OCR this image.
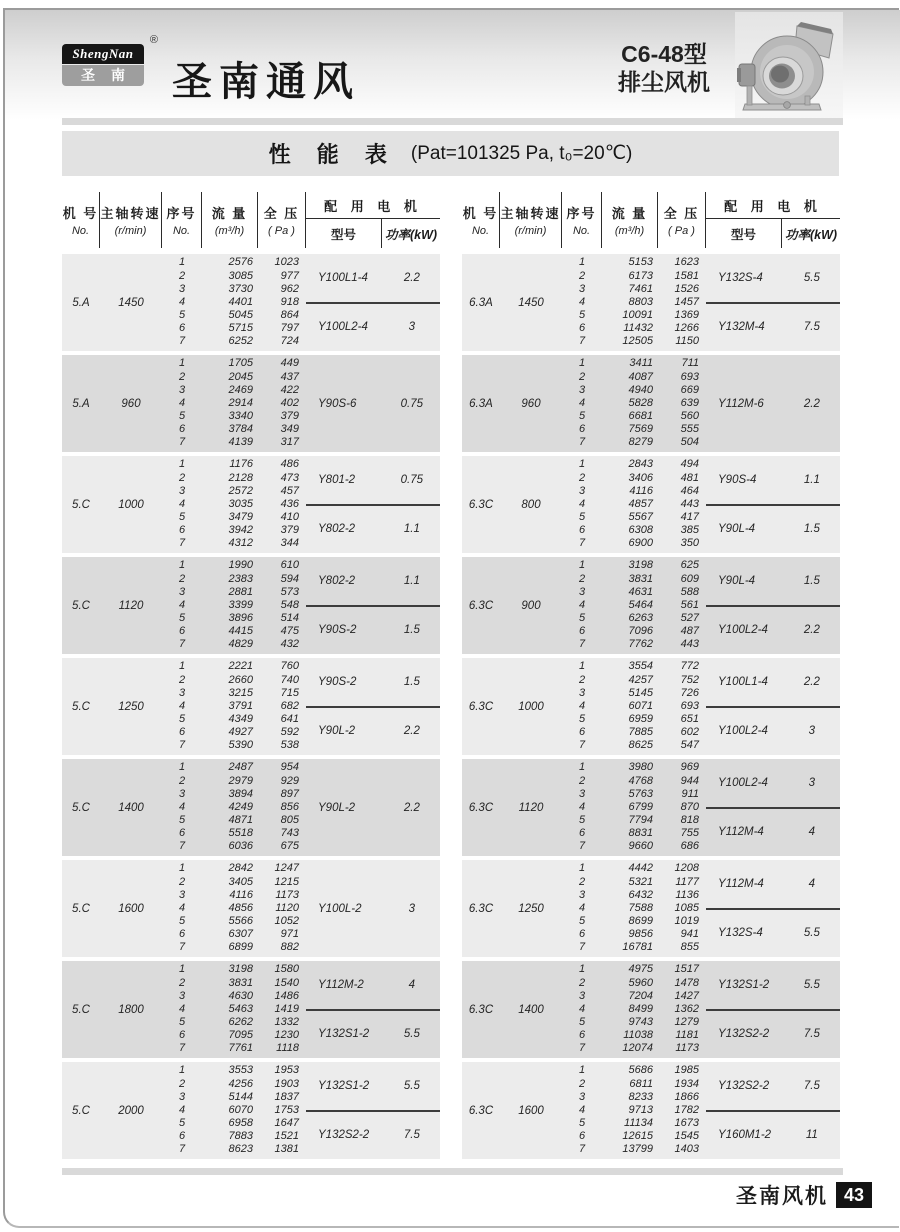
ShengNan
圣南
®
圣南通风
C6-48型
排尘风机
性 能 表 (Pat=101325 Pa, t₀=20℃)
机 号
No.
主轴转速
(r/min)
序号
No.
流 量
(m³/h)
全 压
( Pa )
配 用 电 机
型号	功率(kW)
5.A	1450
1	2576	1023
2	3085	977
3	3730	962
4	4401	918
5	5045	864
6	5715	797
7	6252	724
Y100L1-4	2.2
Y100L2-4	3
5.A	960
1	1705	449
2	2045	437
3	2469	422
4	2914	402
5	3340	379
6	3784	349
7	4139	317
Y90S-6	0.75
5.C	1000
1	1176	486
2	2128	473
3	2572	457
4	3035	436
5	3479	410
6	3942	379
7	4312	344
Y801-2	0.75
Y802-2	1.1
5.C	1120
1	1990	610
2	2383	594
3	2881	573
4	3399	548
5	3896	514
6	4415	475
7	4829	432
Y802-2	1.1
Y90S-2	1.5
5.C	1250
1	2221	760
2	2660	740
3	3215	715
4	3791	682
5	4349	641
6	4927	592
7	5390	538
Y90S-2	1.5
Y90L-2	2.2
5.C	1400
1	2487	954
2	2979	929
3	3894	897
4	4249	856
5	4871	805
6	5518	743
7	6036	675
Y90L-2	2.2
5.C	1600
1	2842	1247
2	3405	1215
3	4116	1173
4	4856	1120
5	5566	1052
6	6307	971
7	6899	882
Y100L-2	3
5.C	1800
1	3198	1580
2	3831	1540
3	4630	1486
4	5463	1419
5	6262	1332
6	7095	1230
7	7761	1118
Y112M-2	4
Y132S1-2	5.5
5.C	2000
1	3553	1953
2	4256	1903
3	5144	1837
4	6070	1753
5	6958	1647
6	7883	1521
7	8623	1381
Y132S1-2	5.5
Y132S2-2	7.5
机 号
No.
主轴转速
(r/min)
序号
No.
流 量
(m³/h)
全 压
( Pa )
配 用 电 机
型号	功率(kW)
6.3A	1450
1	5153	1623
2	6173	1581
3	7461	1526
4	8803	1457
5	10091	1369
6	11432	1266
7	12505	1150
Y132S-4	5.5
Y132M-4	7.5
6.3A	960
1	3411	711
2	4087	693
3	4940	669
4	5828	639
5	6681	560
6	7569	555
7	8279	504
Y112M-6	2.2
6.3C	800
1	2843	494
2	3406	481
3	4116	464
4	4857	443
5	5567	417
6	6308	385
7	6900	350
Y90S-4	1.1
Y90L-4	1.5
6.3C	900
1	3198	625
2	3831	609
3	4631	588
4	5464	561
5	6263	527
6	7096	487
7	7762	443
Y90L-4	1.5
Y100L2-4	2.2
6.3C	1000
1	3554	772
2	4257	752
3	5145	726
4	6071	693
5	6959	651
6	7885	602
7	8625	547
Y100L1-4	2.2
Y100L2-4	3
6.3C	1120
1	3980	969
2	4768	944
3	5763	911
4	6799	870
5	7794	818
6	8831	755
7	9660	686
Y100L2-4	3
Y112M-4	4
6.3C	1250
1	4442	1208
2	5321	1177
3	6432	1136
4	7588	1085
5	8699	1019
6	9856	941
7	16781	855
Y112M-4	4
Y132S-4	5.5
6.3C	1400
1	4975	1517
2	5960	1478
3	7204	1427
4	8499	1362
5	9743	1279
6	11038	1181
7	12074	1173
Y132S1-2	5.5
Y132S2-2	7.5
6.3C	1600
1	5686	1985
2	6811	1934
3	8233	1866
4	9713	1782
5	11134	1673
6	12615	1545
7	13799	1403
Y132S2-2	7.5
Y160M1-2	11
圣南风机 43
